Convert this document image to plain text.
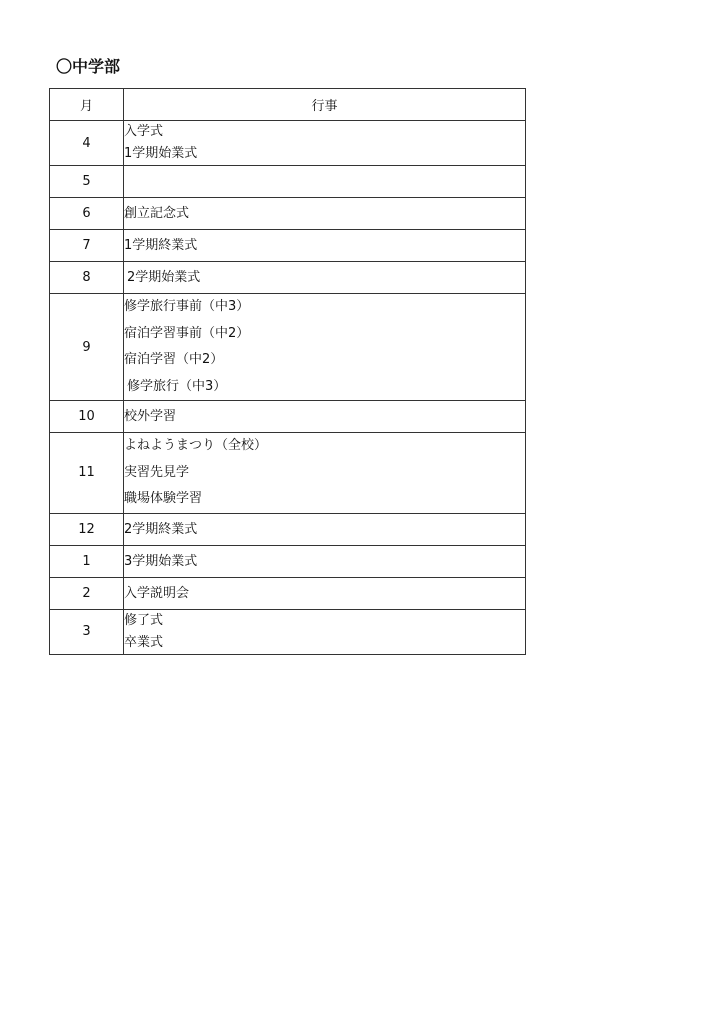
〇中学部
月	行事
4	入学式
1学期始業式

5	

6	創立記念式

7	1学期終業式

8	2学期始業式

9	修学旅行事前（中3）
宿泊学習事前（中2）
宿泊学習（中2）
修学旅行（中3）

10	校外学習

11	よねようまつり（全校）
実習先見学
職場体験学習

12	2学期終業式

1	3学期始業式

2	入学説明会

3	修了式
卒業式
